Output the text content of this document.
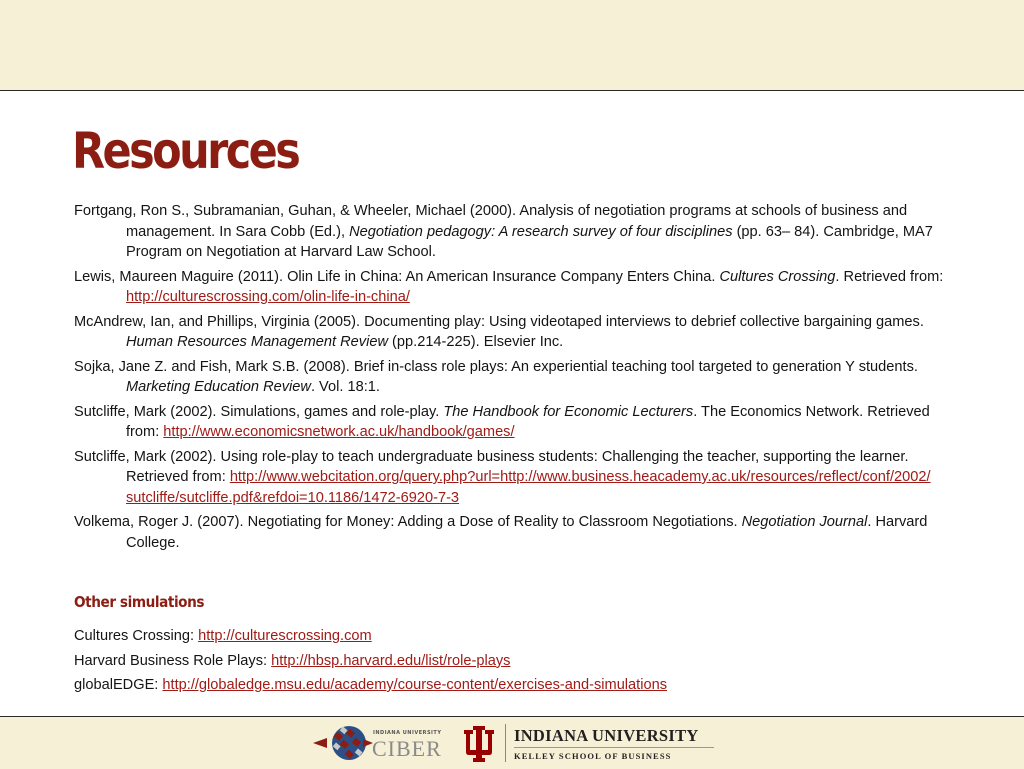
Resources
Fortgang, Ron S., Subramanian, Guhan, & Wheeler, Michael (2000). Analysis of negotiation programs at schools of business and management. In Sara Cobb (Ed.), Negotiation pedagogy: A research survey of four disciplines (pp. 63– 84). Cambridge, MA7 Program on Negotiation at Harvard Law School.
Lewis, Maureen Maguire (2011). Olin Life in China: An American Insurance Company Enters China. Cultures Crossing. Retrieved from: http://culturescrossing.com/olin-life-in-china/
McAndrew, Ian, and Phillips, Virginia (2005). Documenting play: Using videotaped interviews to debrief collective bargaining games. Human Resources Management Review (pp.214-225). Elsevier Inc.
Sojka, Jane Z. and Fish, Mark S.B. (2008). Brief in-class role plays: An experiential teaching tool targeted to generation Y students. Marketing Education Review. Vol. 18:1.
Sutcliffe, Mark (2002). Simulations, games and role-play. The Handbook for Economic Lecturers. The Economics Network. Retrieved from: http://www.economicsnetwork.ac.uk/handbook/games/
Sutcliffe, Mark (2002). Using role-play to teach undergraduate business students: Challenging the teacher, supporting the learner. Retrieved from: http://www.webcitation.org/query.php?url=http://www.business.heacademy.ac.uk/resources/reflect/conf/2002/
sutcliffe/sutcliffe.pdf&refdoi=10.1186/1472-6920-7-3
Volkema, Roger J. (2007). Negotiating for Money: Adding a Dose of Reality to Classroom Negotiations. Negotiation Journal. Harvard College.
Other simulations
Cultures Crossing: http://culturescrossing.com
Harvard Business Role Plays: http://hbsp.harvard.edu/list/role-plays
globalEDGE: http://globaledge.msu.edu/academy/course-content/exercises-and-simulations
INDIANA UNIVERSITY
CIBER
INDIANA UNIVERSITY
KELLEY SCHOOL OF BUSINESS
